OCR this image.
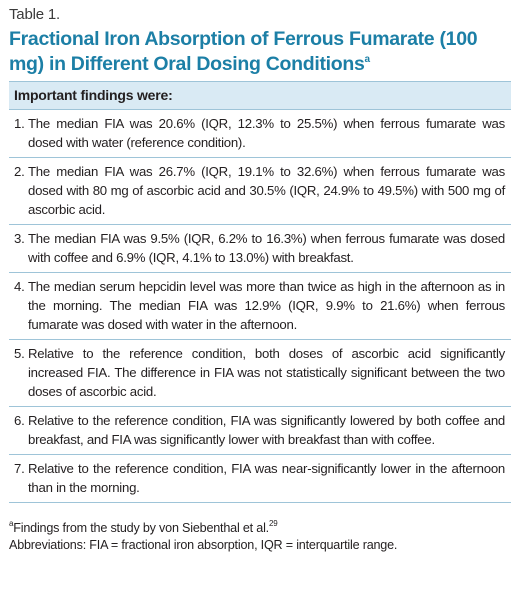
Table 1.
Fractional Iron Absorption of Ferrous Fumarate (100 mg) in Different Oral Dosing Conditions$^a$
Important findings were:
1. The median FIA was 20.6% (IQR, 12.3% to 25.5%) when ferrous fumarate was dosed with water (reference condition).
2. The median FIA was 26.7% (IQR, 19.1% to 32.6%) when ferrous fumarate was dosed with 80 mg of ascorbic acid and 30.5% (IQR, 24.9% to 49.5%) with 500 mg of ascorbic acid.
3. The median FIA was 9.5% (IQR, 6.2% to 16.3%) when ferrous fumarate was dosed with coffee and 6.9% (IQR, 4.1% to 13.0%) with breakfast.
4. The median serum hepcidin level was more than twice as high in the afternoon as in the morning. The median FIA was 12.9% (IQR, 9.9% to 21.6%) when ferrous fumarate was dosed with water in the afternoon.
5. Relative to the reference condition, both doses of ascorbic acid significantly increased FIA. The difference in FIA was not statistically significant between the two doses of ascorbic acid.
6. Relative to the reference condition, FIA was significantly lowered by both coffee and breakfast, and FIA was significantly lower with breakfast than with coffee.
7. Relative to the reference condition, FIA was near-significantly lower in the afternoon than in the morning.
$^a$Findings from the study by von Siebenthal et al.$^{29}$
Abbreviations: FIA = fractional iron absorption, IQR = interquartile range.
